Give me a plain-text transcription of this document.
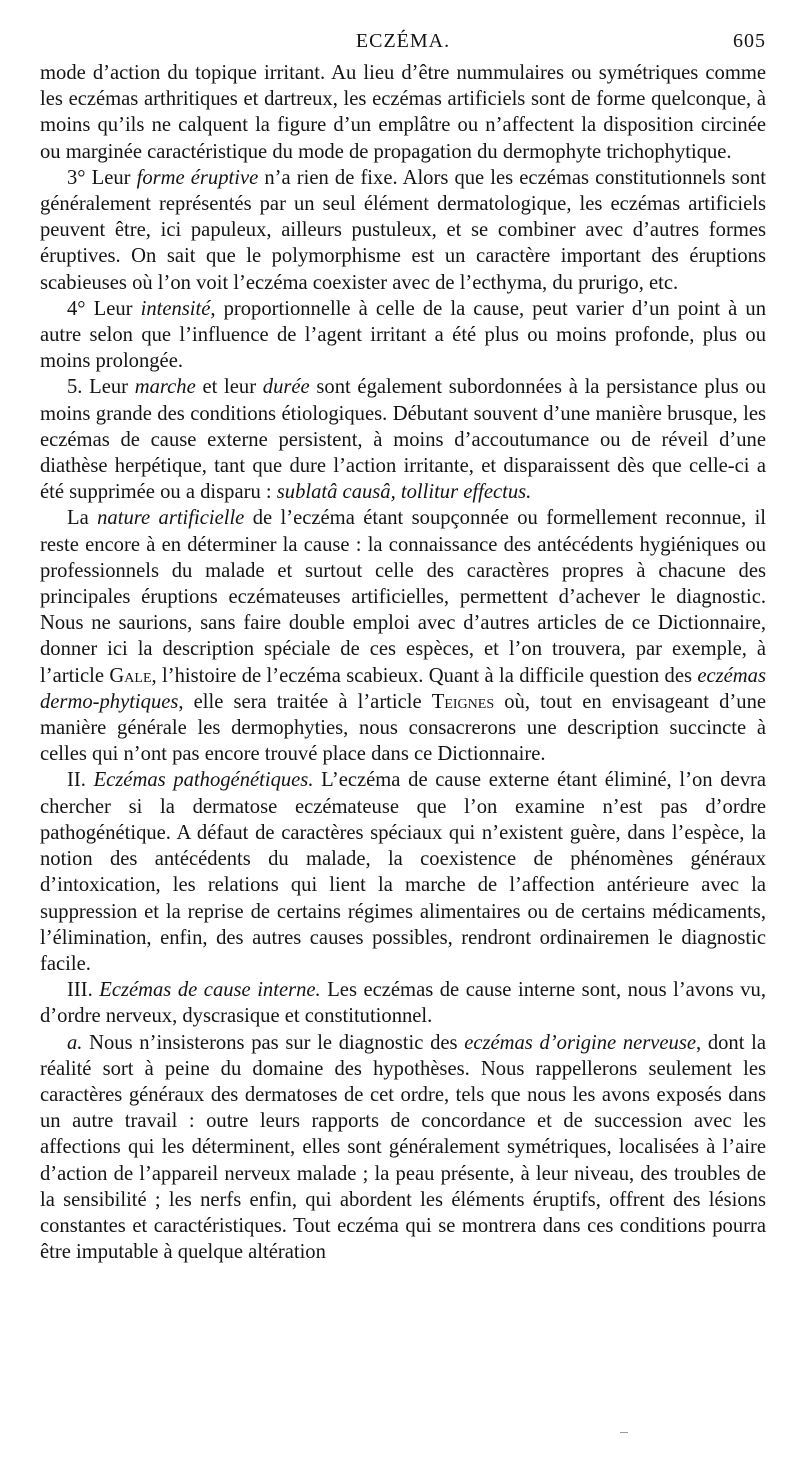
ECZÉMA.	605

mode d’action du topique irritant. Au lieu d’être nummulaires ou symétriques comme les eczémas arthritiques et dartreux, les eczémas artificiels sont de forme quelconque, à moins qu’ils ne calquent la figure d’un emplâtre ou n’affectent la disposition circinée ou marginée caractéristique du mode de propagation du dermophyte trichophytique.

3° Leur forme éruptive n’a rien de fixe. Alors que les eczémas constitutionnels sont généralement représentés par un seul élément dermatologique, les eczémas artificiels peuvent être, ici papuleux, ailleurs pustuleux, et se combiner avec d’autres formes éruptives. On sait que le polymorphisme est un caractère important des éruptions scabieuses où l’on voit l’eczéma coexister avec de l’ecthyma, du prurigo, etc.

4° Leur intensité, proportionnelle à celle de la cause, peut varier d’un point à un autre selon que l’influence de l’agent irritant a été plus ou moins profonde, plus ou moins prolongée.

5. Leur marche et leur durée sont également subordonnées à la persistance plus ou moins grande des conditions étiologiques. Débutant souvent d’une manière brusque, les eczémas de cause externe persistent, à moins d’accoutumance ou de réveil d’une diathèse herpétique, tant que dure l’action irritante, et disparaissent dès que celle-ci a été supprimée ou a disparu : sublatâ causâ, tollitur effectus.

La nature artificielle de l’eczéma étant soupçonnée ou formellement reconnue, il reste encore à en déterminer la cause : la connaissance des antécédents hygiéniques ou professionnels du malade et surtout celle des caractères propres à chacune des principales éruptions eczémateuses artificielles, permettent d’achever le diagnostic. Nous ne saurions, sans faire double emploi avec d’autres articles de ce Dictionnaire, donner ici la description spéciale de ces espèces, et l’on trouvera, par exemple, à l’article Gale, l’histoire de l’eczéma scabieux. Quant à la difficile question des eczémas dermo-phytiques, elle sera traitée à l’article Teignes où, tout en envisageant d’une manière générale les dermophyties, nous consacrerons une description succincte à celles qui n’ont pas encore trouvé place dans ce Dictionnaire.

II. Eczémas pathogénétiques. L’eczéma de cause externe étant éliminé, l’on devra chercher si la dermatose eczémateuse que l’on examine n’est pas d’ordre pathogénétique. A défaut de caractères spéciaux qui n’existent guère, dans l’espèce, la notion des antécédents du malade, la coexistence de phénomènes généraux d’intoxication, les relations qui lient la marche de l’affection antérieure avec la suppression et la reprise de certains régimes alimentaires ou de certains médicaments, l’élimination, enfin, des autres causes possibles, rendront ordinairemen le diagnostic facile.

III. Eczémas de cause interne. Les eczémas de cause interne sont, nous l’avons vu, d’ordre nerveux, dyscrasique et constitutionnel.

a. Nous n’insisterons pas sur le diagnostic des eczémas d’origine nerveuse, dont la réalité sort à peine du domaine des hypothèses. Nous rappellerons seulement les caractères généraux des dermatoses de cet ordre, tels que nous les avons exposés dans un autre travail : outre leurs rapports de concordance et de succession avec les affections qui les déterminent, elles sont généralement symétriques, localisées à l’aire d’action de l’appareil nerveux malade ; la peau présente, à leur niveau, des troubles de la sensibilité ; les nerfs enfin, qui abordent les éléments éruptifs, offrent des lésions constantes et caractéristiques. Tout eczéma qui se montrera dans ces conditions pourra être imputable à quelque altération
